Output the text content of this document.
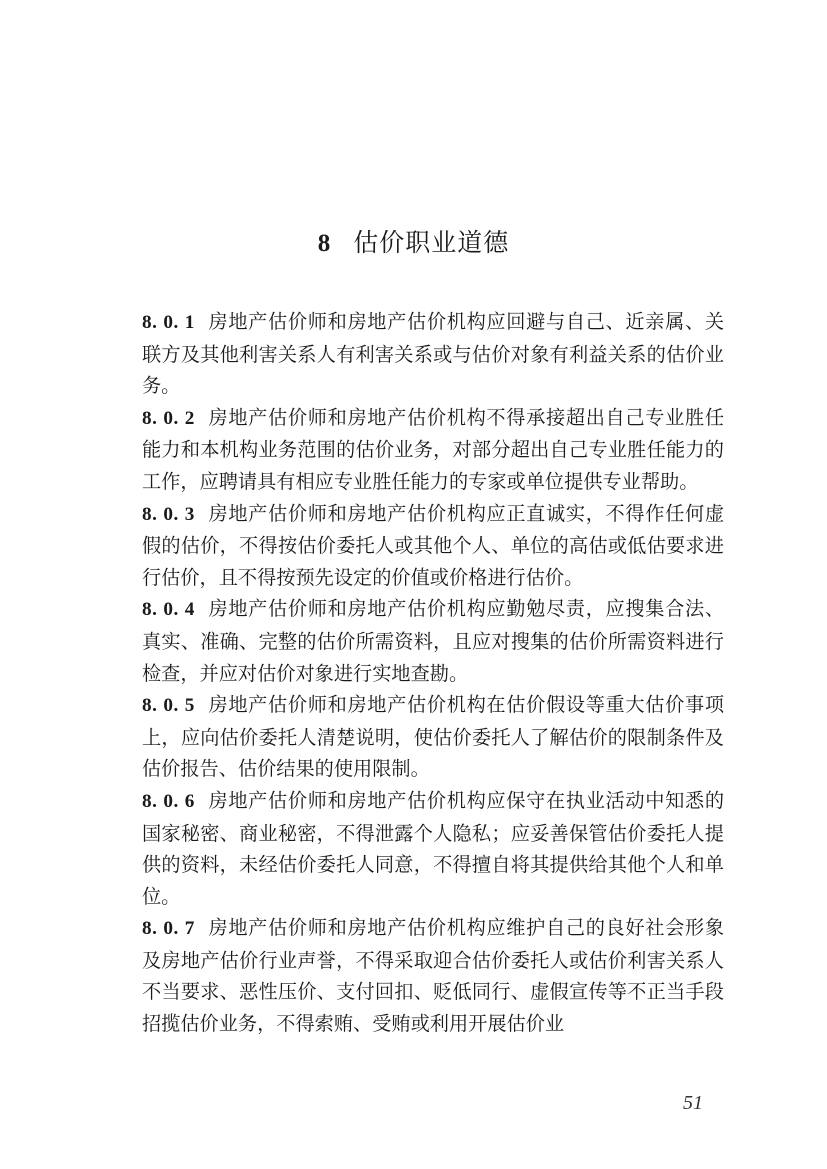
8 估价职业道德

8. 0. 1 房地产估价师和房地产估价机构应回避与自己、近亲属、关联方及其他利害关系人有利害关系或与估价对象有利益关系的估价业务。

8. 0. 2 房地产估价师和房地产估价机构不得承接超出自己专业胜任能力和本机构业务范围的估价业务，对部分超出自己专业胜任能力的工作，应聘请具有相应专业胜任能力的专家或单位提供专业帮助。

8. 0. 3 房地产估价师和房地产估价机构应正直诚实，不得作任何虚假的估价，不得按估价委托人或其他个人、单位的高估或低估要求进行估价，且不得按预先设定的价值或价格进行估价。

8. 0. 4 房地产估价师和房地产估价机构应勤勉尽责，应搜集合法、真实、准确、完整的估价所需资料，且应对搜集的估价所需资料进行检查，并应对估价对象进行实地查勘。

8. 0. 5 房地产估价师和房地产估价机构在估价假设等重大估价事项上，应向估价委托人清楚说明，使估价委托人了解估价的限制条件及估价报告、估价结果的使用限制。

8. 0. 6 房地产估价师和房地产估价机构应保守在执业活动中知悉的国家秘密、商业秘密，不得泄露个人隐私；应妥善保管估价委托人提供的资料，未经估价委托人同意，不得擅自将其提供给其他个人和单位。

8. 0. 7 房地产估价师和房地产估价机构应维护自己的良好社会形象及房地产估价行业声誉，不得采取迎合估价委托人或估价利害关系人不当要求、恶性压价、支付回扣、贬低同行、虚假宣传等不正当手段招揽估价业务，不得索贿、受贿或利用开展估价业

51
